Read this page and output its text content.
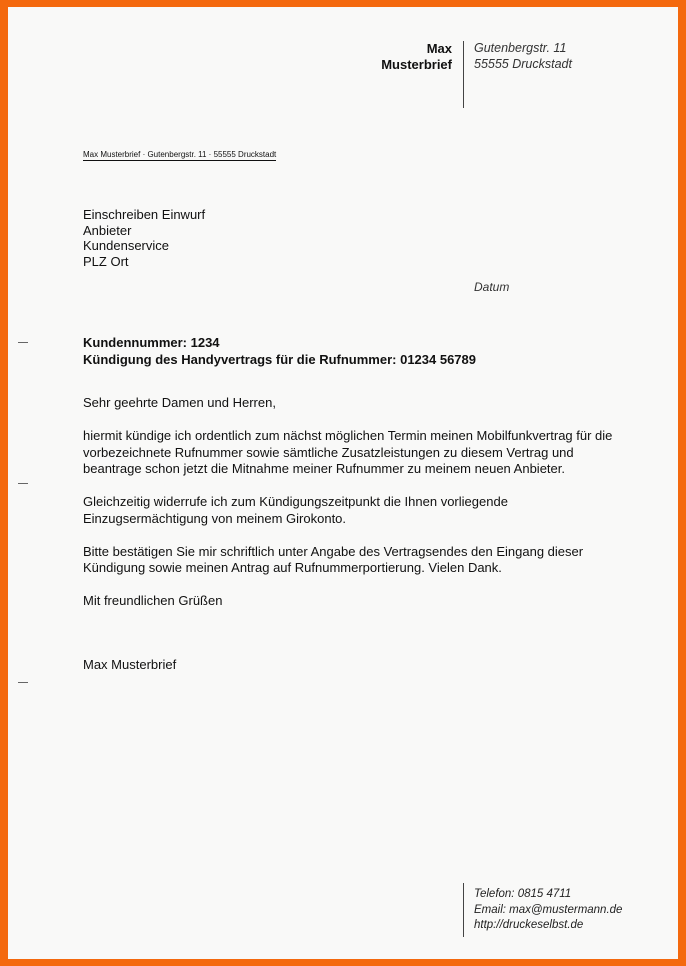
Max
Musterbrief
Gutenbergstr. 11
55555 Druckstadt
Max Musterbrief · Gutenbergstr. 11 · 55555 Druckstadt
Einschreiben Einwurf
Anbieter
Kundenservice
PLZ Ort
Datum
Kundennummer: 1234
Kündigung des Handyvertrags für die Rufnummer: 01234 56789

Sehr geehrte Damen und Herren,

hiermit kündige ich ordentlich zum nächst möglichen Termin meinen Mobilfunkvertrag für die
vorbezeichnete Rufnummer sowie sämtliche Zusatzleistungen zu diesem Vertrag und
beantrage schon jetzt die Mitnahme meiner Rufnummer zu meinem neuen Anbieter.

Gleichzeitig widerrufe ich zum Kündigungszeitpunkt die Ihnen vorliegende
Einzugsermächtigung von meinem Girokonto.

Bitte bestätigen Sie mir schriftlich unter Angabe des Vertragsendes den Eingang dieser
Kündigung sowie meinen Antrag auf Rufnummerportierung. Vielen Dank.

Mit freundlichen Grüßen

Max Musterbrief
Telefon: 0815 4711
Email: max@mustermann.de
http://druckeselbst.de
